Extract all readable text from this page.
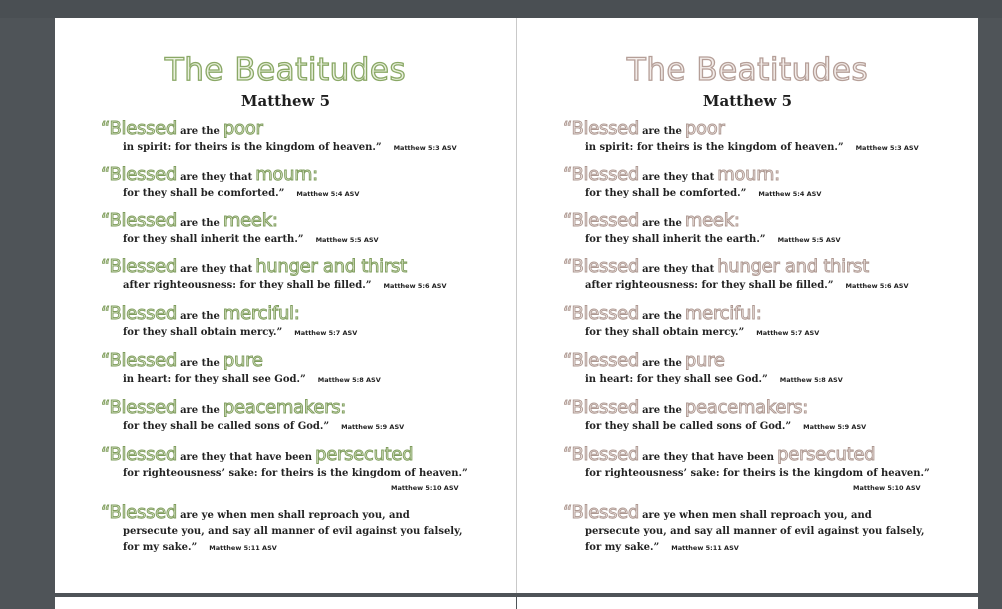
The Beatitudes
Matthew 5
“Blessed are the poor
in spirit: for theirs is the kingdom of heaven.” Matthew 5:3 ASV
“Blessed are they that mourn:
for they shall be comforted.” Matthew 5:4 ASV
“Blessed are the meek:
for they shall inherit the earth.” Matthew 5:5 ASV
“Blessed are they that hunger and thirst
after righteousness: for they shall be filled.” Matthew 5:6 ASV
“Blessed are the merciful:
for they shall obtain mercy.” Matthew 5:7 ASV
“Blessed are the pure
in heart: for they shall see God.” Matthew 5:8 ASV
“Blessed are the peacemakers:
for they shall be called sons of God.” Matthew 5:9 ASV
“Blessed are they that have been persecuted
for righteousness’ sake: for theirs is the kingdom of heaven.”
Matthew 5:10 ASV
“Blessed are ye when men shall reproach you, and
persecute you, and say all manner of evil against you falsely,
for my sake.” Matthew 5:11 ASV
The Beatitudes
Matthew 5
“Blessed are the poor
in spirit: for theirs is the kingdom of heaven.” Matthew 5:3 ASV
“Blessed are they that mourn:
for they shall be comforted.” Matthew 5:4 ASV
“Blessed are the meek:
for they shall inherit the earth.” Matthew 5:5 ASV
“Blessed are they that hunger and thirst
after righteousness: for they shall be filled.” Matthew 5:6 ASV
“Blessed are the merciful:
for they shall obtain mercy.” Matthew 5:7 ASV
“Blessed are the pure
in heart: for they shall see God.” Matthew 5:8 ASV
“Blessed are the peacemakers:
for they shall be called sons of God.” Matthew 5:9 ASV
“Blessed are they that have been persecuted
for righteousness’ sake: for theirs is the kingdom of heaven.”
Matthew 5:10 ASV
“Blessed are ye when men shall reproach you, and
persecute you, and say all manner of evil against you falsely,
for my sake.” Matthew 5:11 ASV
